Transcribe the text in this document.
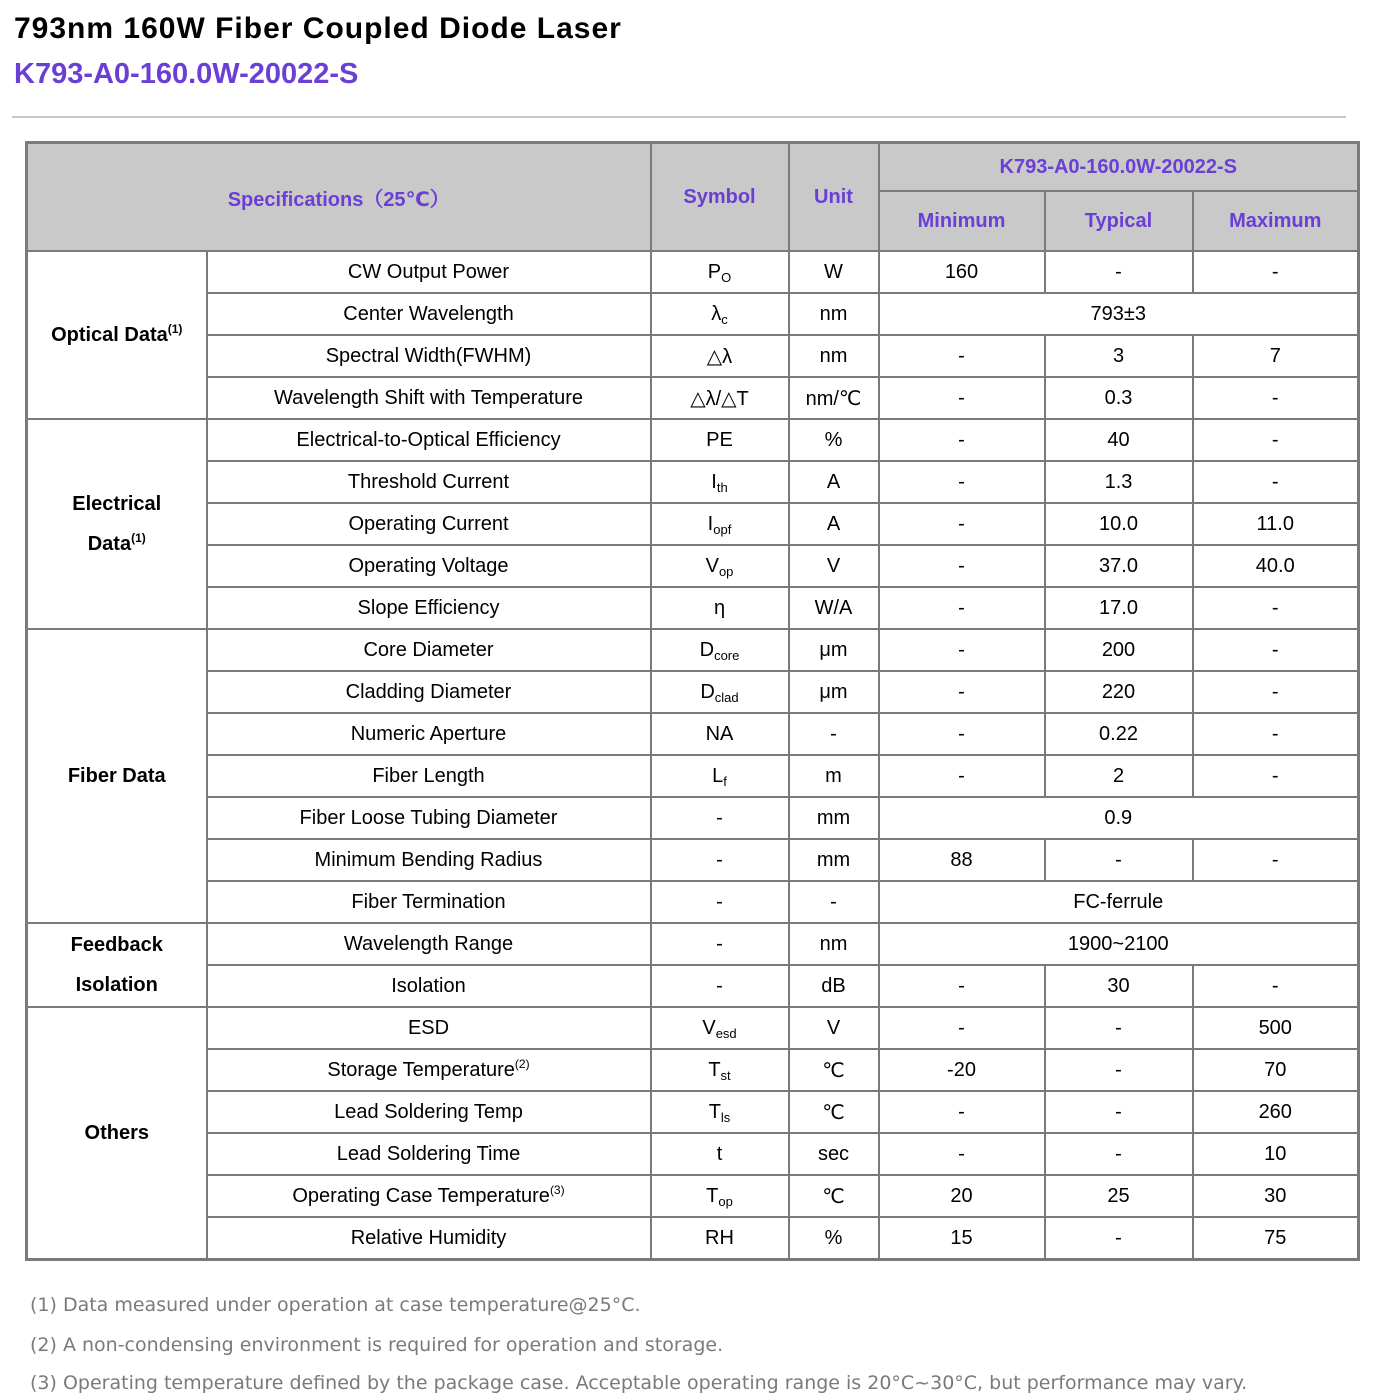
793nm 160W Fiber Coupled Diode Laser
K793-A0-160.0W-20022-S
Specifications（25℃）		Symbol	Unit	K793-A0-160.0W-20022-S		
				Minimum	Typical	Maximum
Optical Data$^{(1)}$	CW Output Power	$P_O$	W	160	-	-
	Center Wavelength	$\lambda_c$	nm	793±3		
	Spectral Width(FWHM)	△λ	nm	-	3	7
	Wavelength Shift with Temperature	△λ/△T	nm/℃	-	0.3	-
Electrical
Data$^{(1)}$	Electrical-to-Optical Efficiency	PE	%	-	40	-
	Threshold Current	$I_{th}$	A	-	1.3	-
	Operating Current	$I_{opf}$	A	-	10.0	11.0
	Operating Voltage	$V_{op}$	V	-	37.0	40.0
	Slope Efficiency	η	W/A	-	17.0	-
Fiber Data	Core Diameter	$D_{core}$	μm	-	200	-
	Cladding Diameter	$D_{clad}$	μm	-	220	-
	Numeric Aperture	NA	-	-	0.22	-
	Fiber Length	$L_f$	m	-	2	-
	Fiber Loose Tubing Diameter	-	mm	0.9		
	Minimum Bending Radius	-	mm	88	-	-
	Fiber Termination	-	-	FC-ferrule		
Feedback
Isolation	Wavelength Range	-	nm	1900~2100		
	Isolation	-	dB	-	30	-
Others	ESD	$V_{esd}$	V	-	-	500
	Storage Temperature$^{(2)}$	$T_{st}$	℃	-20	-	70
	Lead Soldering Temp	$T_{ls}$	℃	-	-	260
	Lead Soldering Time	t	sec	-	-	10
	Operating Case Temperature$^{(3)}$	$T_{op}$	℃	20	25	30
	Relative Humidity	RH	%	15	-	75
(1) Data measured under operation at case temperature@25°C.
(2) A non-condensing environment is required for operation and storage.
(3) Operating temperature defined by the package case. Acceptable operating range is 20°C~30°C, but performance may vary.
